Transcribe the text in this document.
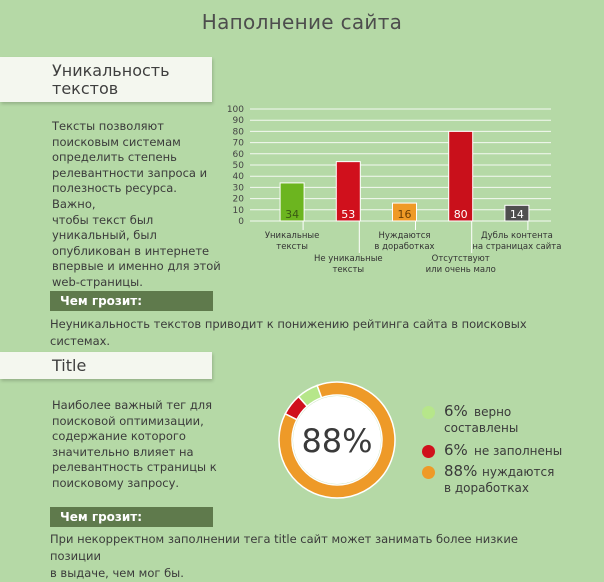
Наполнение сайта
Уникальность
текстов
Тексты позволяют
поисковым системам
определить степень
релевантности запроса и
полезность ресурса. Важно,
чтобы текст был
уникальный, был
опубликован в интернете
впервые и именно для этой
web-страницы.
0
10
20
30
40
50
60
70
80
90
100
34
Уникальные
тексты
53
Не уникальные
тексты
16
Нуждаются
в доработках
80
Отсутствуют
или очень мало
14
Дубль контента
на страницах сайта
Чем грозит:
Неуникальность текстов приводит к понижению рейтинга сайта в поисковых системах.
Title
Наиболее важный тег для
поисковой оптимизации,
содержание которого
значительно влияет на
релевантность страницы к
поисковому запросу.
88%
6% верно
составлены
6% не заполнены
88% нуждаются
в доработках
Чем грозит:
При некорректном заполнении тега title сайт может занимать более низкие позиции
в выдаче, чем мог бы.
